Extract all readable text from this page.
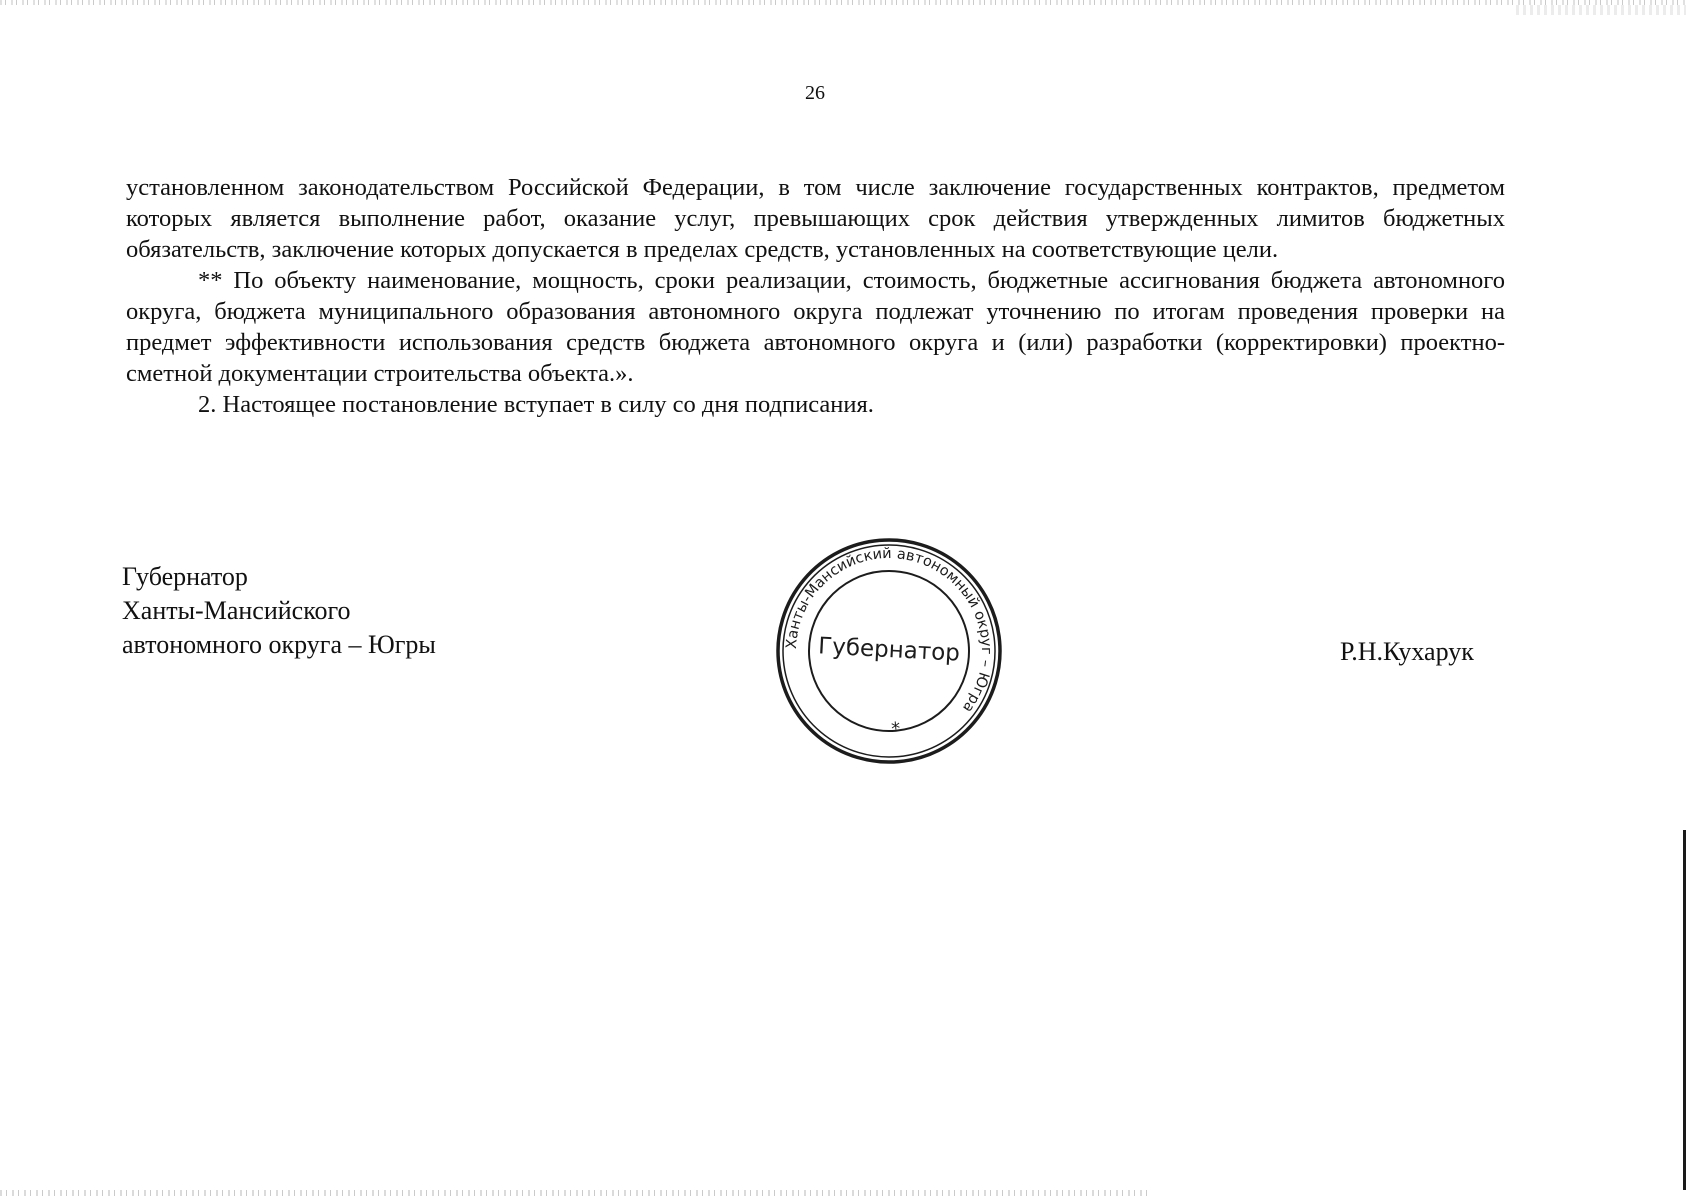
26

установленном законодательством Российской Федерации, в том числе заключение государственных контрактов, предметом которых является выполнение работ, оказание услуг, превышающих срок действия утвержденных лимитов бюджетных обязательств, заключение которых допускается в пределах средств, установленных на соответствующие цели.

** По объекту наименование, мощность, сроки реализации, стоимость, бюджетные ассигнования бюджета автономного округа, бюджета муниципального образования автономного округа подлежат уточнению по итогам проведения проверки на предмет эффективности использования средств бюджета автономного округа и (или) разработки (корректировки) проектно-сметной документации строительства объекта.».

2. Настоящее постановление вступает в силу со дня подписания.

Губернатор
Ханты-Мансийского
автономного округа – Югры	Ханты-Мансийский автономный округ – Югра
*
Губернатор	Р.Н.Кухарук
